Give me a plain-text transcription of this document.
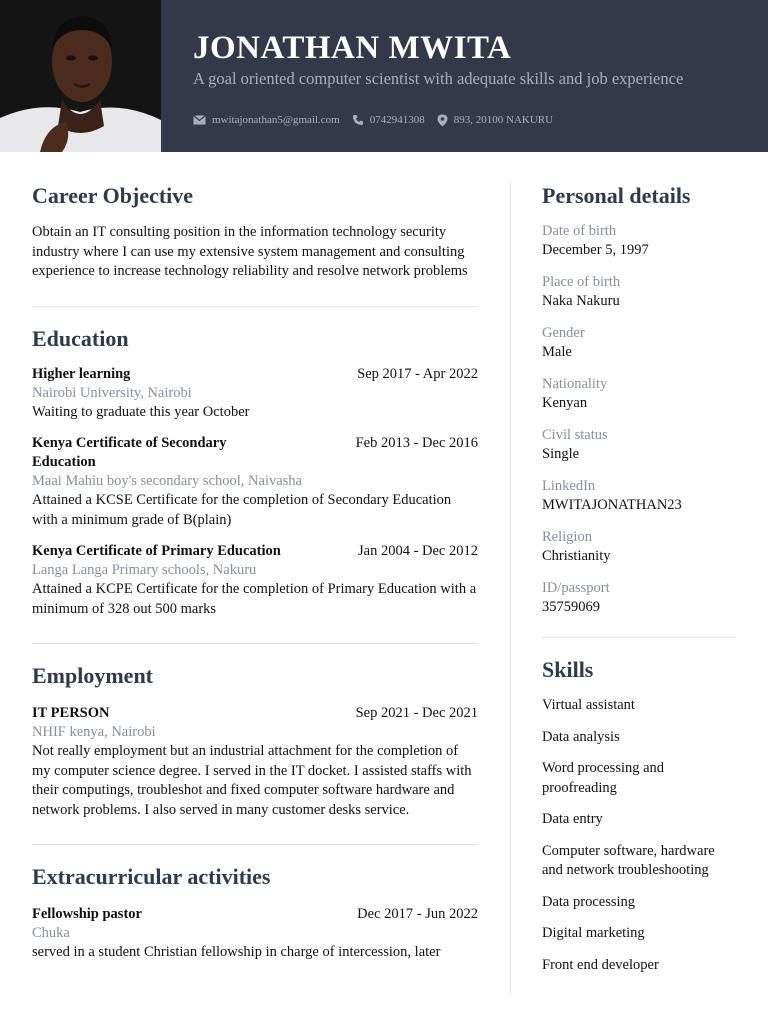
JONATHAN MWITA
A goal oriented computer scientist with adequate skills and job experience
mwitajonathan5@gmail.com	0742941308	893, 20100 NAKURU
Career Objective
Obtain an IT consulting position in the information technology security industry where I can use my extensive system management and consulting experience to increase technology reliability and resolve network problems
Education
Higher learning	Sep 2017 - Apr 2022
Nairobi University, Nairobi
Waiting to graduate this year October
Kenya Certificate of Secondary Education
Feb 2013 - Dec 2016
Maai Mahiu boy's secondary school, Naivasha
Attained a KCSE Certificate for the completion of Secondary Education with a minimum grade of B(plain)
Kenya Certificate of Primary Education	Jan 2004 - Dec 2012
Langa Langa Primary schools, Nakuru
Attained a KCPE Certificate for the completion of Primary Education with a minimum of 328 out 500 marks
Employment
IT PERSON	Sep 2021 - Dec 2021
NHIF kenya, Nairobi
Not really employment but an industrial attachment for the completion of my computer science degree. I served in the IT docket. I assisted staffs with their computings, troubleshot and fixed computer software hardware and network problems. I also served in many customer desks service.
Extracurricular activities
Fellowship pastor	Dec 2017 - Jun 2022
Chuka
served in a student Christian fellowship in charge of intercession, later
Personal details
Date of birth
December 5, 1997
Place of birth
Naka Nakuru
Gender
Male
Nationality
Kenyan
Civil status
Single
LinkedIn
MWITAJONATHAN23
Religion
Christianity
ID/passport
35759069
Skills
Virtual assistant
Data analysis
Word processing and proofreading
Data entry
Computer software, hardware and network troubleshooting
Data processing
Digital marketing
Front end developer
